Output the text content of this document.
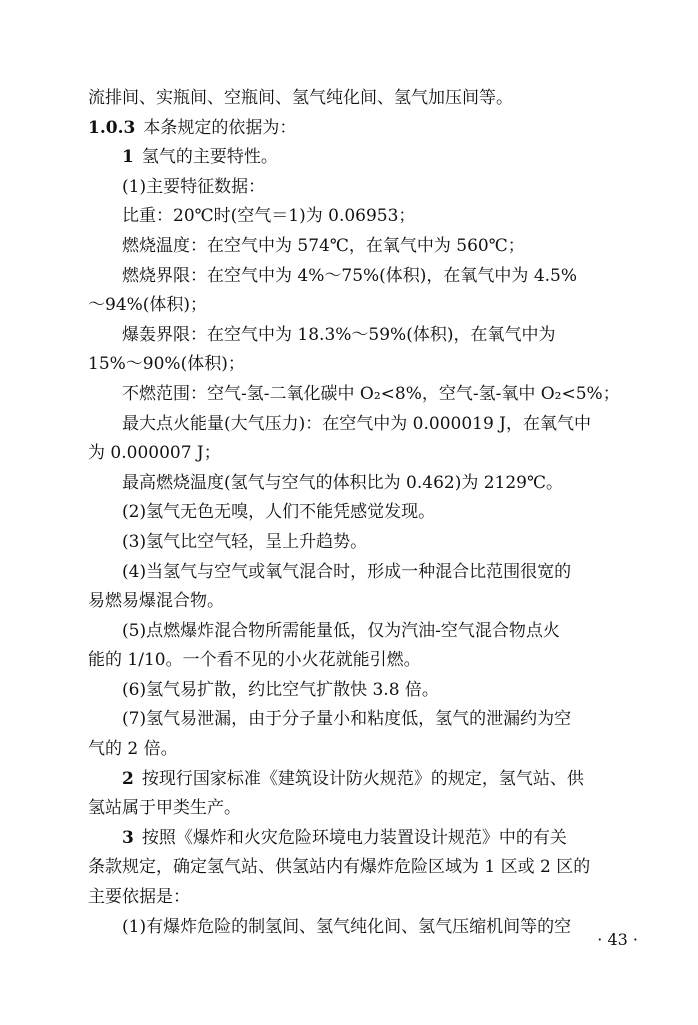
流排间、实瓶间、空瓶间、氢气纯化间、氢气加压间等。
1.0.3 本条规定的依据为：
1 氢气的主要特性。
(1)主要特征数据：
比重：20℃时(空气＝1)为 0.06953；
燃烧温度：在空气中为 574℃，在氧气中为 560℃；
燃烧界限：在空气中为 4%～75%(体积)，在氧气中为 4.5%
～94%(体积)；
爆轰界限：在空气中为 18.3%～59%(体积)，在氧气中为
15%～90%(体积)；
不燃范围：空气-氢-二氧化碳中 O₂<8%，空气-氢-氧中 O₂<5%；
最大点火能量(大气压力)：在空气中为 0.000019 J，在氧气中
为 0.000007 J；
最高燃烧温度(氢气与空气的体积比为 0.462)为 2129℃。
(2)氢气无色无嗅，人们不能凭感觉发现。
(3)氢气比空气轻，呈上升趋势。
(4)当氢气与空气或氧气混合时，形成一种混合比范围很宽的
易燃易爆混合物。
(5)点燃爆炸混合物所需能量低，仅为汽油-空气混合物点火
能的 1/10。一个看不见的小火花就能引燃。
(6)氢气易扩散，约比空气扩散快 3.8 倍。
(7)氢气易泄漏，由于分子量小和粘度低，氢气的泄漏约为空
气的 2 倍。
2 按现行国家标准《建筑设计防火规范》的规定，氢气站、供
氢站属于甲类生产。
3 按照《爆炸和火灾危险环境电力装置设计规范》中的有关
条款规定，确定氢气站、供氢站内有爆炸危险区域为 1 区或 2 区的
主要依据是：
(1)有爆炸危险的制氢间、氢气纯化间、氢气压缩机间等的空
· 43 ·
